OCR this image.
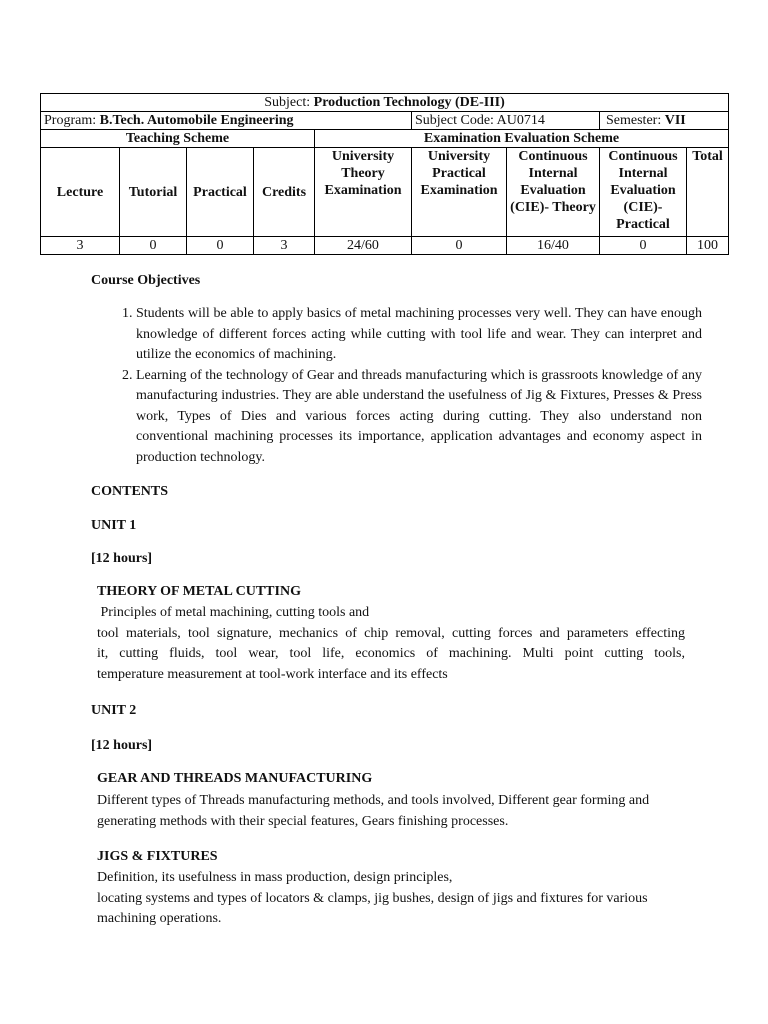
Subject: Production Technology (DE-III)								
Program: B.Tech. Automobile Engineering					Subject Code: AU0714		Semester: VII	
Teaching Scheme				Examination Evaluation Scheme				
Lecture	Tutorial	Practical	Credits	University Theory Examination	University Practical Examination	Continuous Internal Evaluation (CIE)- Theory	Continuous Internal Evaluation (CIE)- Practical	Total
3	0	0	3	24/60	0	16/40	0	100
Course Objectives
1. Students will be able to apply basics of metal machining processes very well. They can have enough knowledge of different forces acting while cutting with tool life and wear. They can interpret and utilize the economics of machining.
2. Learning of the technology of Gear and threads manufacturing which is grassroots knowledge of any manufacturing industries. They are able understand the usefulness of Jig & Fixtures, Presses & Press work, Types of Dies and various forces acting during cutting. They also understand non conventional machining processes its importance, application advantages and economy aspect in production technology.
CONTENTS
UNIT 1
[12 hours]
THEORY OF METAL CUTTING
Principles of metal machining, cutting tools and
tool materials, tool signature, mechanics of chip removal, cutting forces and parameters effecting
it, cutting fluids, tool wear, tool life, economics of machining. Multi point cutting tools,
temperature measurement at tool-work interface and its effects
UNIT 2
[12 hours]
GEAR AND THREADS MANUFACTURING
Different types of Threads manufacturing methods, and tools involved, Different gear forming and
generating methods with their special features, Gears finishing processes.
JIGS & FIXTURES
Definition, its usefulness in mass production, design principles,
locating systems and types of locators & clamps, jig bushes, design of jigs and fixtures for various
machining operations.
